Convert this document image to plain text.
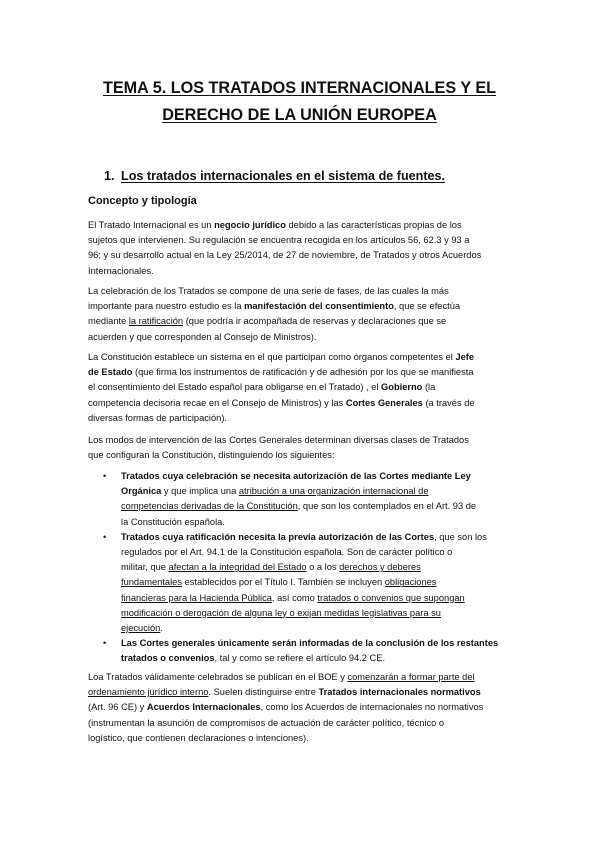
TEMA 5. LOS TRATADOS INTERNACIONALES Y EL
DERECHO DE LA UNIÓN EUROPEA
1. Los tratados internacionales en el sistema de fuentes.
Concepto y tipología
El Tratado Internacional es un negocio jurídico debido a las características propias de los
sujetos que intervienen. Su regulación se encuentra recogida en los artículos 56, 62.3 y 93 a
96; y su desarrollo actual en la Ley 25/2014, de 27 de noviembre, de Tratados y otros Acuerdos
Internacionales.
La celebración de los Tratados se compone de una serie de fases, de las cuales la más
importante para nuestro estudio es la manifestación del consentimiento, que se efectúa
mediante la ratificación (que podría ir acompañada de reservas y declaraciones que se
acuerden y que corresponden al Consejo de Ministros).
La Constitución establece un sistema en el que participan como órganos competentes el Jefe
de Estado (que firma los instrumentos de ratificación y de adhesión por los que se manifiesta
el consentimiento del Estado español para obligarse en el Tratado) , el Gobierno (la
competencia decisoria recae en el Consejo de Ministros) y las Cortes Generales (a través de
diversas formas de participación).
Los modos de intervención de las Cortes Generales determinan diversas clases de Tratados
que configuran la Constitución, distinguiendo los siguientes:
• Tratados cuya celebración se necesita autorización de las Cortes mediante Ley
Orgánica y que implica una atribución a una organización internacional de
competencias derivadas de la Constitución, que son los contemplados en el Art. 93 de
la Constitución española.
• Tratados cuya ratificación necesita la previa autorización de las Cortes, que son los
regulados por el Art. 94.1 de la Constitución española. Son de carácter político o
militar, que afectan a la integridad del Estado o a los derechos y deberes
fundamentales establecidos por el Título I. También se incluyen obligaciones
financieras para la Hacienda Pública, así como tratados o convenios que supongan
modificación o derogación de alguna ley o exijan medidas legislativas para su
ejecución.
• Las Cortes generales únicamente serán informadas de la conclusión de los restantes
tratados o convenios, tal y como se refiere el artículo 94.2 CE.
Loa Tratados válidamente celebrados se publican en el BOE y comenzarán a formar parte del
ordenamiento jurídico interno. Suelen distinguirse entre Tratados internacionales normativos
(Art. 96 CE) y Acuerdos Internacionales, como los Acuerdos de internacionales no normativos
(instrumentan la asunción de compromisos de actuación de carácter político, técnico o
logístico, que contienen declaraciones o intenciones).
